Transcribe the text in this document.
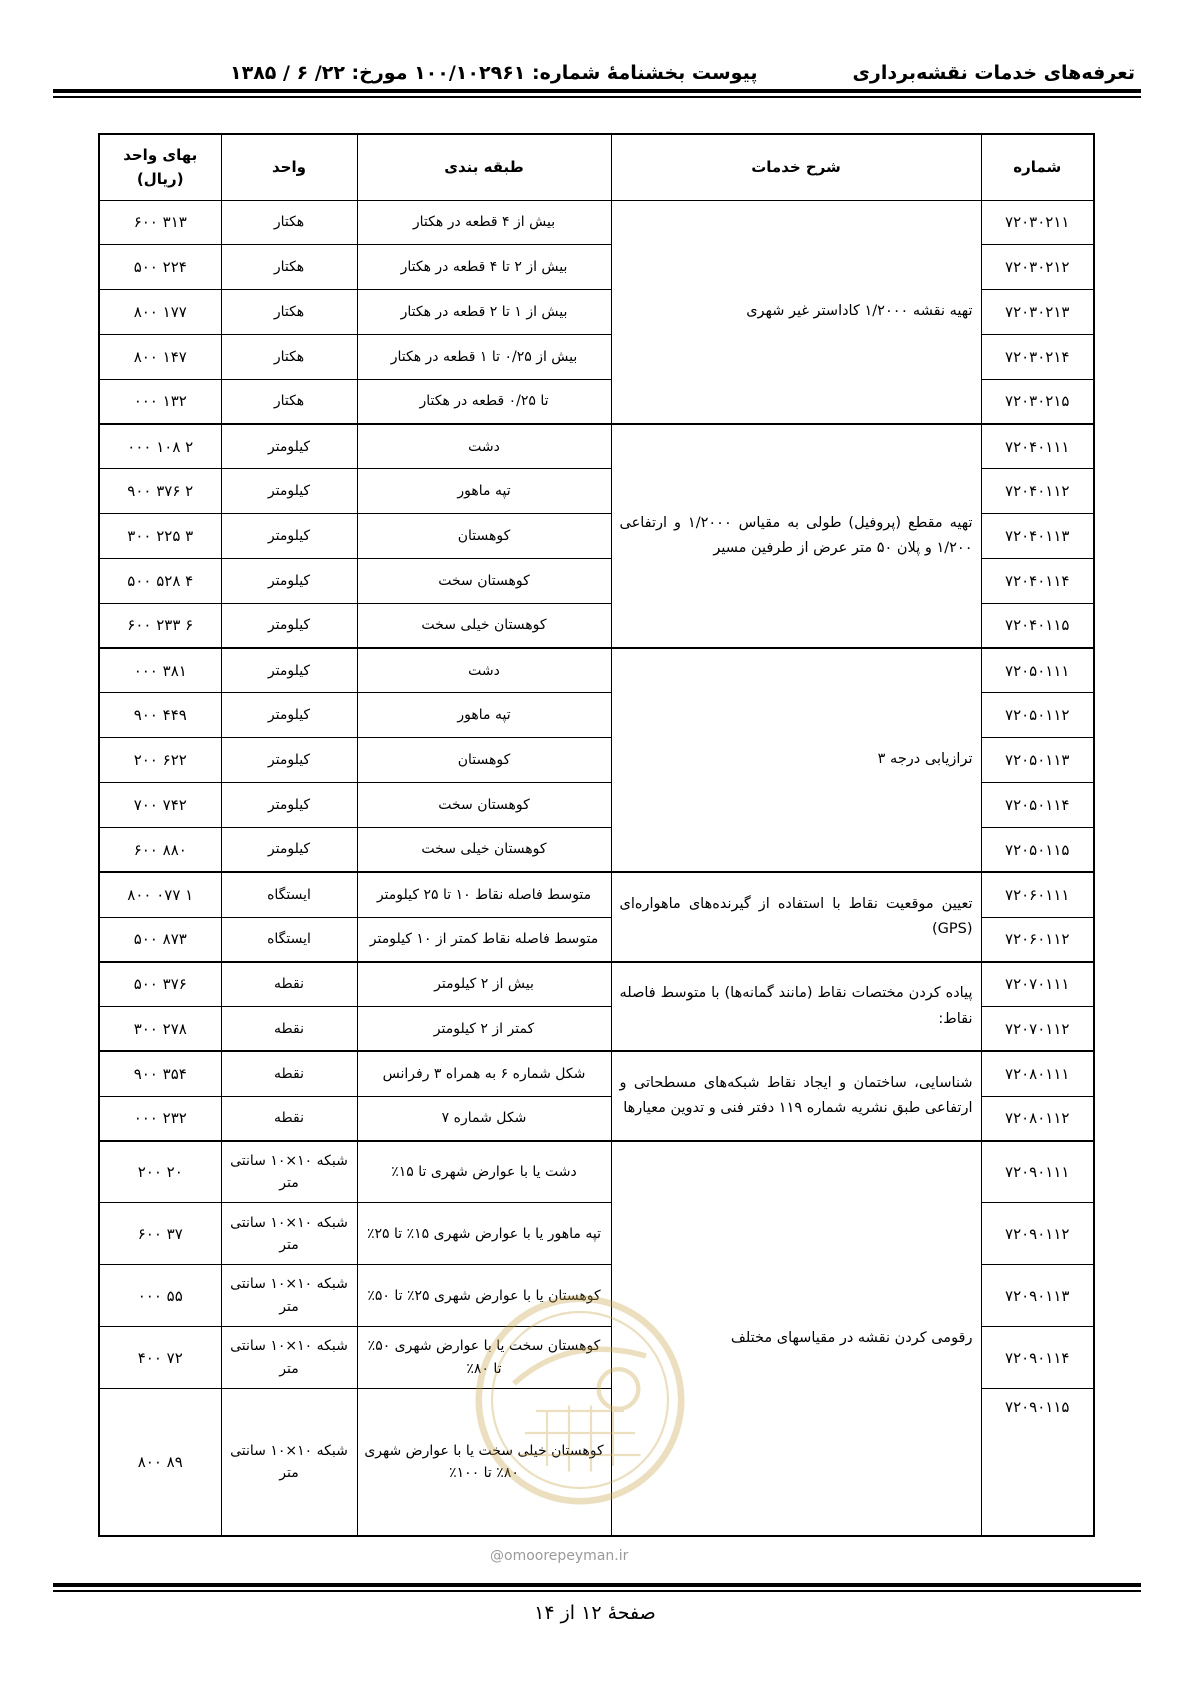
تعرفه‌های خدمات نقشه‌برداری
پیوست بخشنامۀ شماره: ۱۰۰/۱۰۲۹۶۱ مورخ: ۲۲/ ۶ / ۱۳۸۵
شماره	شرح خدمات	طبقه بندی	واحد	بهای واحد
(ریال)

۷۲۰۳۰۲۱۱	تهیه نقشه ۱/۲۰۰۰ کاداستر غیر شهری	بیش از ۴ قطعه در هکتار	هکتار	۳۱۳ ۶۰۰
۷۲۰۳۰۲۱۲		بیش از ۲ تا ۴ قطعه در هکتار	هکتار	۲۲۴ ۵۰۰
۷۲۰۳۰۲۱۳		بیش از ۱ تا ۲ قطعه در هکتار	هکتار	۱۷۷ ۸۰۰
۷۲۰۳۰۲۱۴		بیش از ۰/۲۵ تا ۱ قطعه در هکتار	هکتار	۱۴۷ ۸۰۰
۷۲۰۳۰۲۱۵		تا ۰/۲۵ قطعه در هکتار	هکتار	۱۳۲ ۰۰۰
۷۲۰۴۰۱۱۱	تهیه مقطع (پروفیل) طولی به مقیاس ۱/۲۰۰۰ و ارتفاعی ۱/۲۰۰ و پلان ۵۰ متر عرض از طرفین مسیر	دشت	کیلومتر	۲ ۱۰۸ ۰۰۰
۷۲۰۴۰۱۱۲		تپه ماهور	کیلومتر	۲ ۳۷۶ ۹۰۰
۷۲۰۴۰۱۱۳		کوهستان	کیلومتر	۳ ۲۲۵ ۳۰۰
۷۲۰۴۰۱۱۴		کوهستان سخت	کیلومتر	۴ ۵۲۸ ۵۰۰
۷۲۰۴۰۱۱۵		کوهستان خیلی سخت	کیلومتر	۶ ۲۳۳ ۶۰۰
۷۲۰۵۰۱۱۱	ترازیابی درجه ۳	دشت	کیلومتر	۳۸۱ ۰۰۰
۷۲۰۵۰۱۱۲		تپه ماهور	کیلومتر	۴۴۹ ۹۰۰
۷۲۰۵۰۱۱۳		کوهستان	کیلومتر	۶۲۲ ۲۰۰
۷۲۰۵۰۱۱۴		کوهستان سخت	کیلومتر	۷۴۲ ۷۰۰
۷۲۰۵۰۱۱۵		کوهستان خیلی سخت	کیلومتر	۸۸۰ ۶۰۰
۷۲۰۶۰۱۱۱	تعیین موقعیت نقاط با استفاده از گیرنده‌های ماهواره‌ای (GPS)	متوسط فاصله نقاط ۱۰ تا ۲۵ کیلومتر	ایستگاه	۱ ۰۷۷ ۸۰۰
۷۲۰۶۰۱۱۲		متوسط فاصله نقاط کمتر از ۱۰ کیلومتر	ایستگاه	۸۷۳ ۵۰۰
۷۲۰۷۰۱۱۱	پیاده کردن مختصات نقاط (مانند گمانه‌ها) با متوسط فاصله نقاط:	بیش از ۲ کیلومتر	نقطه	۳۷۶ ۵۰۰
۷۲۰۷۰۱۱۲		کمتر از ۲ کیلومتر	نقطه	۲۷۸ ۳۰۰
۷۲۰۸۰۱۱۱	شناسایی، ساختمان و ایجاد نقاط شبکه‌های مسطحاتی و ارتفاعی طبق نشریه شماره ۱۱۹ دفتر فنی و تدوین معیارها	شکل شماره ۶ به همراه ۳ رفرانس	نقطه	۳۵۴ ۹۰۰
۷۲۰۸۰۱۱۲		شکل شماره ۷	نقطه	۲۳۲ ۰۰۰
۷۲۰۹۰۱۱۱	رقومی کردن نقشه در مقیاسهای مختلف	دشت یا با عوارض شهری تا ۱۵٪	شبکه ۱۰×۱۰ سانتی متر	۲۰ ۲۰۰
۷۲۰۹۰۱۱۲		تپه ماهور یا با عوارض شهری ۱۵٪ تا ۲۵٪	شبکه ۱۰×۱۰ سانتی متر	۳۷ ۶۰۰
۷۲۰۹۰۱۱۳		کوهستان یا با عوارض شهری ۲۵٪ تا ۵۰٪	شبکه ۱۰×۱۰ سانتی متر	۵۵ ۰۰۰
۷۲۰۹۰۱۱۴		کوهستان سخت یا با عوارض شهری ۵۰٪ تا ۸۰٪	شبکه ۱۰×۱۰ سانتی متر	۷۲ ۴۰۰
۷۲۰۹۰۱۱۵		کوهستان خیلی سخت یا با عوارض شهری ۸۰٪ تا ۱۰۰٪	شبکه ۱۰×۱۰ سانتی متر	۸۹ ۸۰۰
@omoorepeyman.ir
صفحۀ ۱۲ از ۱۴
